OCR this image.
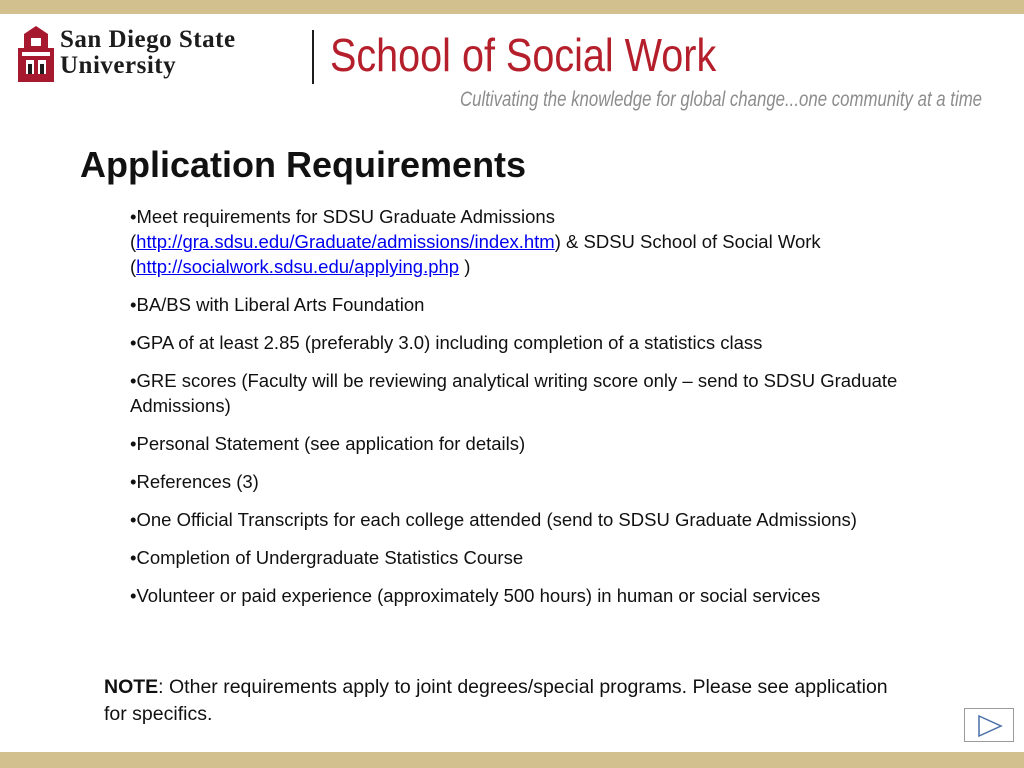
San Diego State
University	School of Social Work
Cultivating the knowledge for global change...one community at a time
Application Requirements

•Meet requirements for SDSU Graduate Admissions (http://gra.sdsu.edu/Graduate/admissions/index.htm) & SDSU School of Social Work (http://socialwork.sdsu.edu/applying.php )

•BA/BS with Liberal Arts Foundation

•GPA of at least 2.85 (preferably 3.0) including completion of a statistics class

•GRE scores (Faculty will be reviewing analytical writing score only – send to SDSU Graduate Admissions)

•Personal Statement (see application for details)

•References (3)

•One Official Transcripts for each college attended (send to SDSU Graduate Admissions)

•Completion of Undergraduate Statistics Course

•Volunteer or paid experience (approximately 500 hours) in human or social services

NOTE: Other requirements apply to joint degrees/special programs. Please see application for specifics.
